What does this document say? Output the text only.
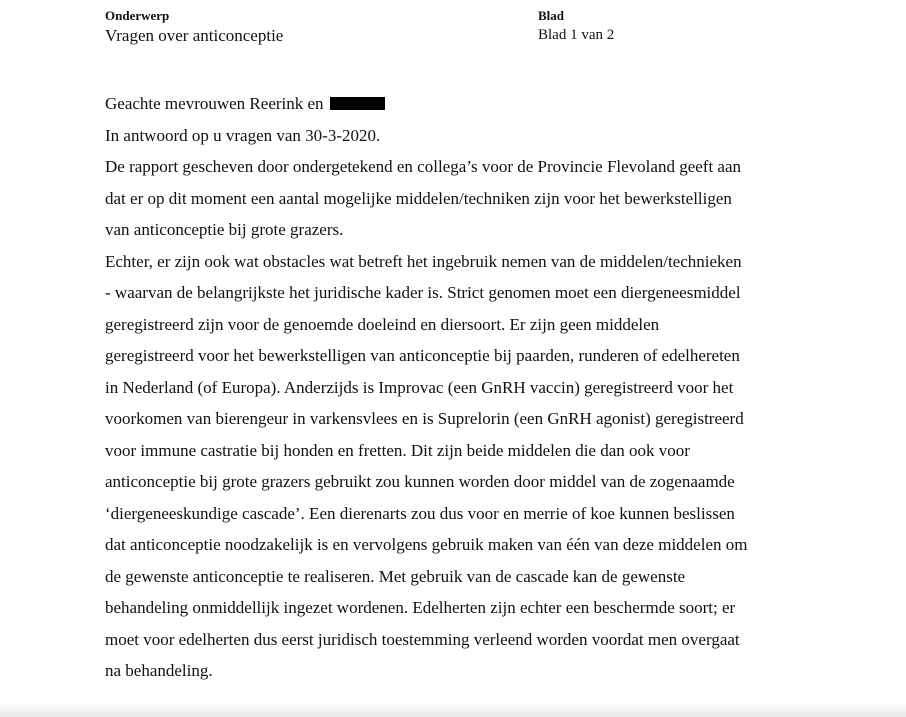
Onderwerp
Vragen over anticonceptie
Blad
Blad 1 van 2
Geachte mevrouwen Reerink en
In antwoord op u vragen van 30-3-2020.
De rapport gescheven door ondergetekend en collega’s voor de Provincie Flevoland geeft aan
dat er op dit moment een aantal mogelijke middelen/techniken zijn voor het bewerkstelligen
van anticonceptie bij grote grazers.
Echter, er zijn ook wat obstacles wat betreft het ingebruik nemen van de middelen/technieken
- waarvan de belangrijkste het juridische kader is. Strict genomen moet een diergeneesmiddel
geregistreerd zijn voor de genoemde doeleind en diersoort. Er zijn geen middelen
geregistreerd voor het bewerkstelligen van anticonceptie bij paarden, runderen of edelhereten
in Nederland (of Europa). Anderzijds is Improvac (een GnRH vaccin) geregistreerd voor het
voorkomen van bierengeur in varkensvlees en is Suprelorin (een GnRH agonist) geregistreerd
voor immune castratie bij honden en fretten. Dit zijn beide middelen die dan ook voor
anticonceptie bij grote grazers gebruikt zou kunnen worden door middel van de zogenaamde
‘diergeneeskundige cascade’. Een dierenarts zou dus voor en merrie of koe kunnen beslissen
dat anticonceptie noodzakelijk is en vervolgens gebruik maken van één van deze middelen om
de gewenste anticonceptie te realiseren. Met gebruik van de cascade kan de gewenste
behandeling onmiddellijk ingezet wordenen. Edelherten zijn echter een beschermde soort; er
moet voor edelherten dus eerst juridisch toestemming verleend worden voordat men overgaat
na behandeling.
